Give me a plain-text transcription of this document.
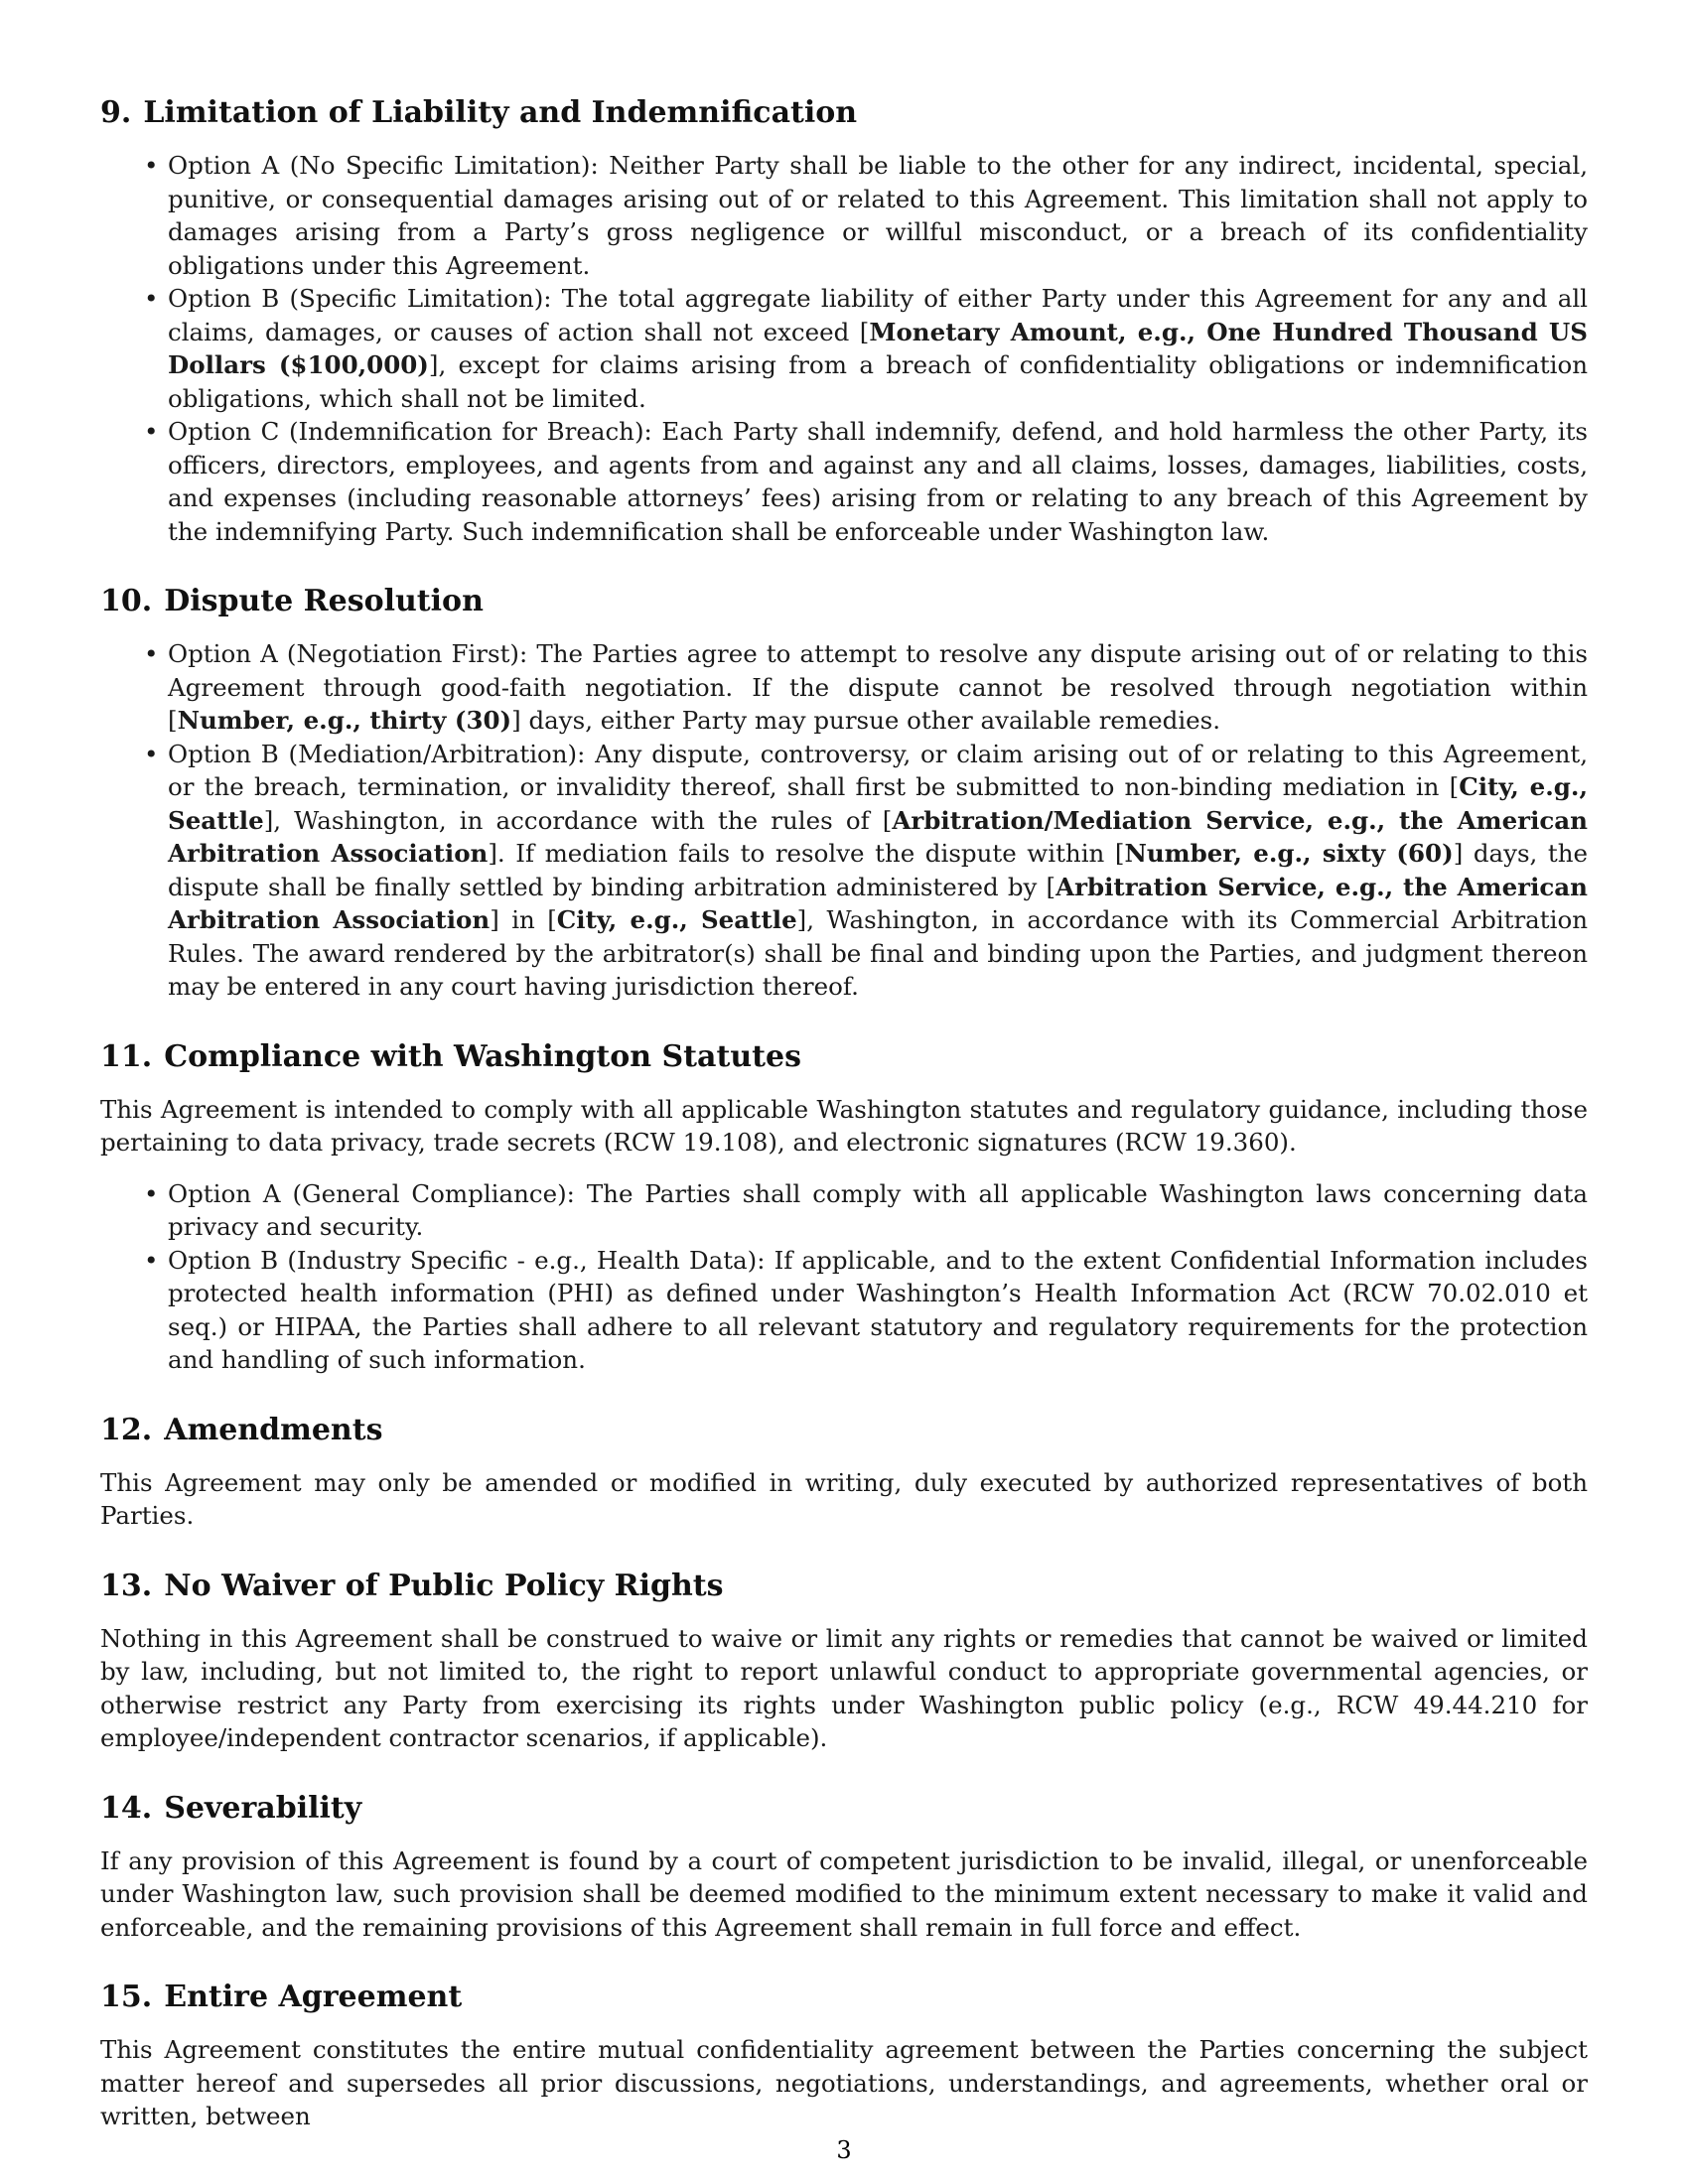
9. Limitation of Liability and Indemnification
• Option A (No Specific Limitation): Neither Party shall be liable to the other for any indirect, incidental, special, punitive, or consequential damages arising out of or related to this Agreement. This limitation shall not apply to damages arising from a Party’s gross negligence or willful misconduct, or a breach of its confidentiality obligations under this Agreement.
• Option B (Specific Limitation): The total aggregate liability of either Party under this Agreement for any and all claims, damages, or causes of action shall not exceed [Monetary Amount, e.g., One Hundred Thousand US Dollars ($100,000)], except for claims arising from a breach of confidentiality obligations or indemnification obligations, which shall not be limited.
• Option C (Indemnification for Breach): Each Party shall indemnify, defend, and hold harmless the other Party, its officers, directors, employees, and agents from and against any and all claims, losses, damages, liabilities, costs, and expenses (including reasonable attorneys’ fees) arising from or relating to any breach of this Agreement by the indemnifying Party. Such indemnification shall be enforceable under Washington law.
10. Dispute Resolution
• Option A (Negotiation First): The Parties agree to attempt to resolve any dispute arising out of or relating to this Agreement through good-faith negotiation. If the dispute cannot be resolved through negotiation within [Number, e.g., thirty (30)] days, either Party may pursue other available remedies.
• Option B (Mediation/Arbitration): Any dispute, controversy, or claim arising out of or relating to this Agreement, or the breach, termination, or invalidity thereof, shall first be submitted to non-binding mediation in [City, e.g., Seattle], Washington, in accordance with the rules of [Arbitration/Mediation Service, e.g., the American Arbitration Association]. If mediation fails to resolve the dispute within [Number, e.g., sixty (60)] days, the dispute shall be finally settled by binding arbitration administered by [Arbitration Service, e.g., the American Arbitration Association] in [City, e.g., Seattle], Washington, in accordance with its Commercial Arbitration Rules. The award rendered by the arbitrator(s) shall be final and binding upon the Parties, and judgment thereon may be entered in any court having jurisdiction thereof.
11. Compliance with Washington Statutes

This Agreement is intended to comply with all applicable Washington statutes and regulatory guidance, including those pertaining to data privacy, trade secrets (RCW 19.108), and electronic signatures (RCW 19.360).

• Option A (General Compliance): The Parties shall comply with all applicable Washington laws concerning data privacy and security.
• Option B (Industry Specific - e.g., Health Data): If applicable, and to the extent Confidential Information includes protected health information (PHI) as defined under Washington’s Health Information Act (RCW 70.02.010 et seq.) or HIPAA, the Parties shall adhere to all relevant statutory and regulatory requirements for the protection and handling of such information.
12. Amendments

This Agreement may only be amended or modified in writing, duly executed by authorized representatives of both Parties.

13. No Waiver of Public Policy Rights

Nothing in this Agreement shall be construed to waive or limit any rights or remedies that cannot be waived or limited by law, including, but not limited to, the right to report unlawful conduct to appropriate governmental agencies, or otherwise restrict any Party from exercising its rights under Washington public policy (e.g., RCW 49.44.210 for employee/independent contractor scenarios, if applicable).

14. Severability

If any provision of this Agreement is found by a court of competent jurisdiction to be invalid, illegal, or unenforceable under Washington law, such provision shall be deemed modified to the minimum extent necessary to make it valid and enforceable, and the remaining provisions of this Agreement shall remain in full force and effect.

15. Entire Agreement

This Agreement constitutes the entire mutual confidentiality agreement between the Parties concerning the subject matter hereof and supersedes all prior discussions, negotiations, understandings, and agreements, whether oral or written, between

3
